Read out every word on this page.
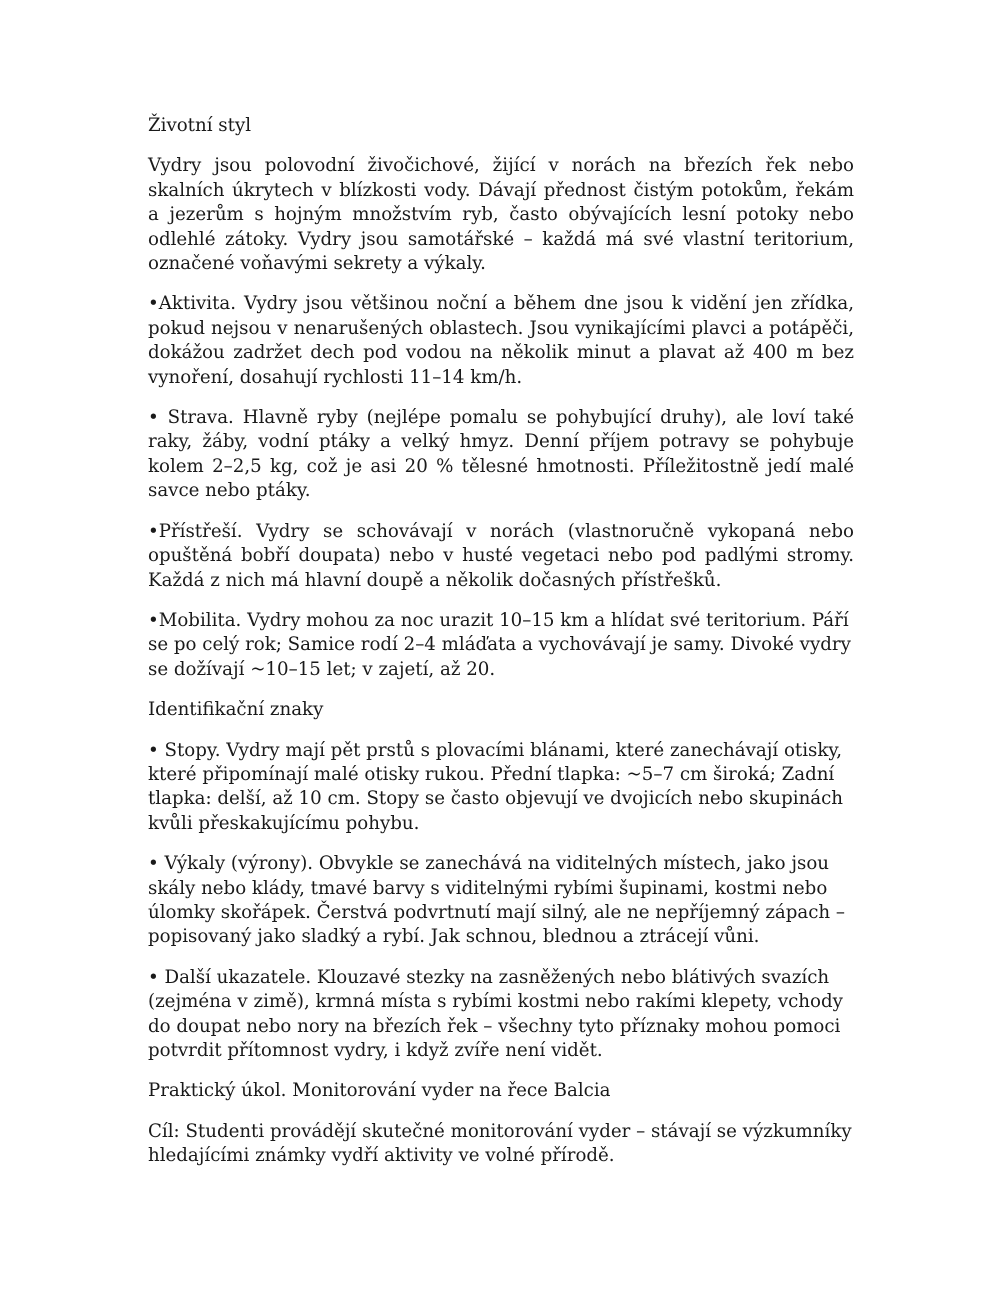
Životní styl

Vydry jsou polovodní živočichové, žijící v norách na březích řek nebo skalních úkrytech v blízkosti vody. Dávají přednost čistým potokům, řekám a jezerům s hojným množstvím ryb, často obývajících lesní potoky nebo odlehlé zátoky. Vydry jsou samotářské – každá má své vlastní teritorium, označené voňavými sekrety a výkaly.

•Aktivita. Vydry jsou většinou noční a během dne jsou k vidění jen zřídka, pokud nejsou v nenarušených oblastech. Jsou vynikajícími plavci a potápěči, dokážou zadržet dech pod vodou na několik minut a plavat až 400 m bez vynoření, dosahují rychlosti 11–14 km/h.

• Strava. Hlavně ryby (nejlépe pomalu se pohybující druhy), ale loví také raky, žáby, vodní ptáky a velký hmyz. Denní příjem potravy se pohybuje kolem 2–2,5 kg, což je asi 20 % tělesné hmotnosti. Příležitostně jedí malé savce nebo ptáky.

•Přístřeší. Vydry se schovávají v norách (vlastnoručně vykopaná nebo opuštěná bobří doupata) nebo v husté vegetaci nebo pod padlými stromy. Každá z nich má hlavní doupě a několik dočasných přístřešků.

•Mobilita. Vydry mohou za noc urazit 10–15 km a hlídat své teritorium. Páří se po celý rok; Samice rodí 2–4 mláďata a vychovávají je samy. Divoké vydry se dožívají ~10–15 let; v zajetí, až 20.

Identifikační znaky

• Stopy. Vydry mají pět prstů s plovacími blánami, které zanechávají otisky, které připomínají malé otisky rukou. Přední tlapka: ~5–7 cm široká; Zadní tlapka: delší, až 10 cm. Stopy se často objevují ve dvojicích nebo skupinách kvůli přeskakujícímu pohybu.

• Výkaly (výrony). Obvykle se zanechává na viditelných místech, jako jsou skály nebo klády, tmavé barvy s viditelnými rybími šupinami, kostmi nebo úlomky skořápek. Čerstvá podvrtnutí mají silný, ale ne nepříjemný zápach – popisovaný jako sladký a rybí. Jak schnou, blednou a ztrácejí vůni.

• Další ukazatele. Klouzavé stezky na zasněžených nebo blátivých svazích (zejména v zimě), krmná místa s rybími kostmi nebo rakími klepety, vchody do doupat nebo nory na březích řek – všechny tyto příznaky mohou pomoci potvrdit přítomnost vydry, i když zvíře není vidět.

Praktický úkol. Monitorování vyder na řece Balcia

Cíl: Studenti provádějí skutečné monitorování vyder – stávají se výzkumníky hledajícími známky vydří aktivity ve volné přírodě.
